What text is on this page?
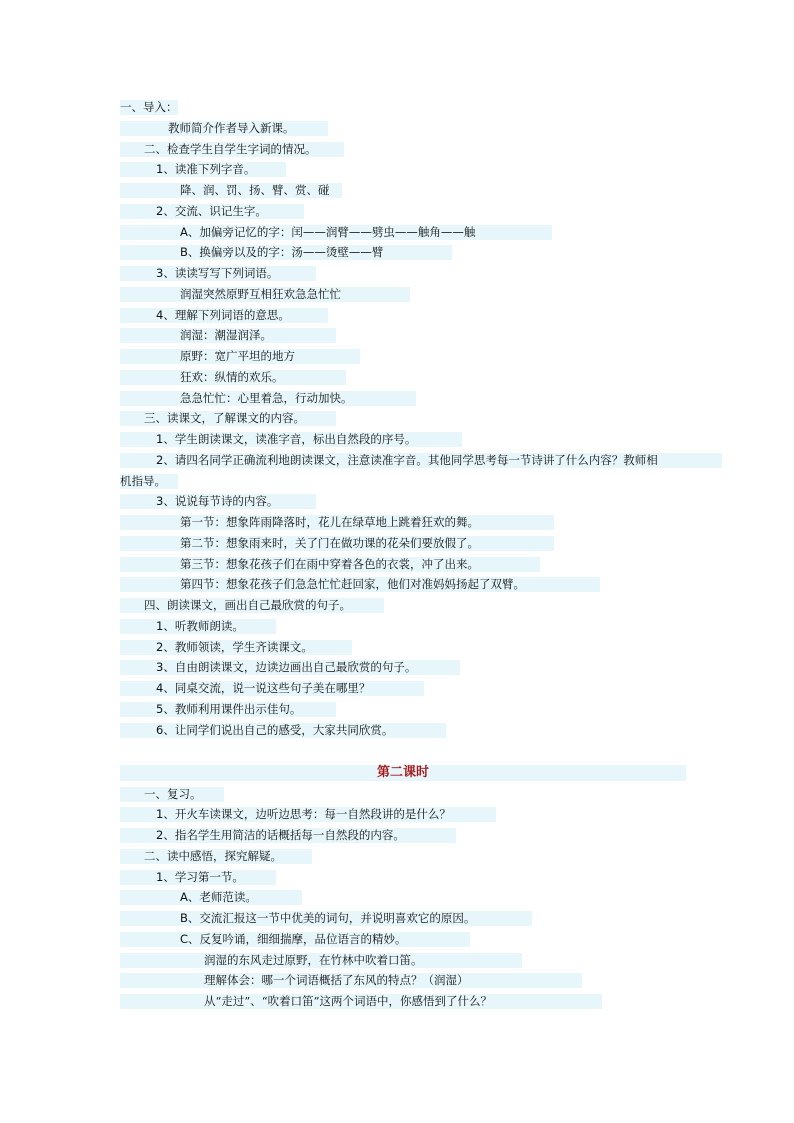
一、导入：
教师简介作者导入新课。
二、检查学生自学生字词的情况。
1、读准下列字音。
降、润、罚、扬、臂、赏、碰
2、交流、识记生字。
A、加偏旁记忆的字：闰——润臂——劈虫——触角——触
B、换偏旁以及的字：汤——烫壁——臂
3、读读写写下列词语。
润湿突然原野互相狂欢急急忙忙
4、理解下列词语的意思。
润湿：潮湿润泽。
原野：宽广平坦的地方
狂欢：纵情的欢乐。
急急忙忙：心里着急，行动加快。
三、读课文，了解课文的内容。
1、学生朗读课文，读准字音，标出自然段的序号。
2、请四名同学正确流利地朗读课文，注意读准字音。其他同学思考每一节诗讲了什么内容？教师相
机指导。
3、说说每节诗的内容。
第一节：想象阵雨降落时，花儿在绿草地上跳着狂欢的舞。
第二节：想象雨来时，关了门在做功课的花朵们要放假了。
第三节：想象花孩子们在雨中穿着各色的衣裳，冲了出来。
第四节：想象花孩子们急急忙忙赶回家，他们对准妈妈扬起了双臂。
四、朗读课文，画出自己最欣赏的句子。
1、听教师朗读。
2、教师领读，学生齐读课文。
3、自由朗读课文，边读边画出自己最欣赏的句子。
4、同桌交流，说一说这些句子美在哪里？
5、教师利用课件出示佳句。
6、让同学们说出自己的感受，大家共同欣赏。
第二课时
一、复习。
1、开火车读课文，边听边思考：每一自然段讲的是什么？
2、指名学生用简洁的话概括每一自然段的内容。
二、读中感悟，探究解疑。
1、学习第一节。
A、老师范读。
B、交流汇报这一节中优美的词句，并说明喜欢它的原因。
C、反复吟诵，细细揣摩，品位语言的精妙。
润湿的东风走过原野，在竹林中吹着口笛。
理解体会：哪一个词语概括了东风的特点？（润湿）
从“走过”、“吹着口笛”这两个词语中，你感悟到了什么？
